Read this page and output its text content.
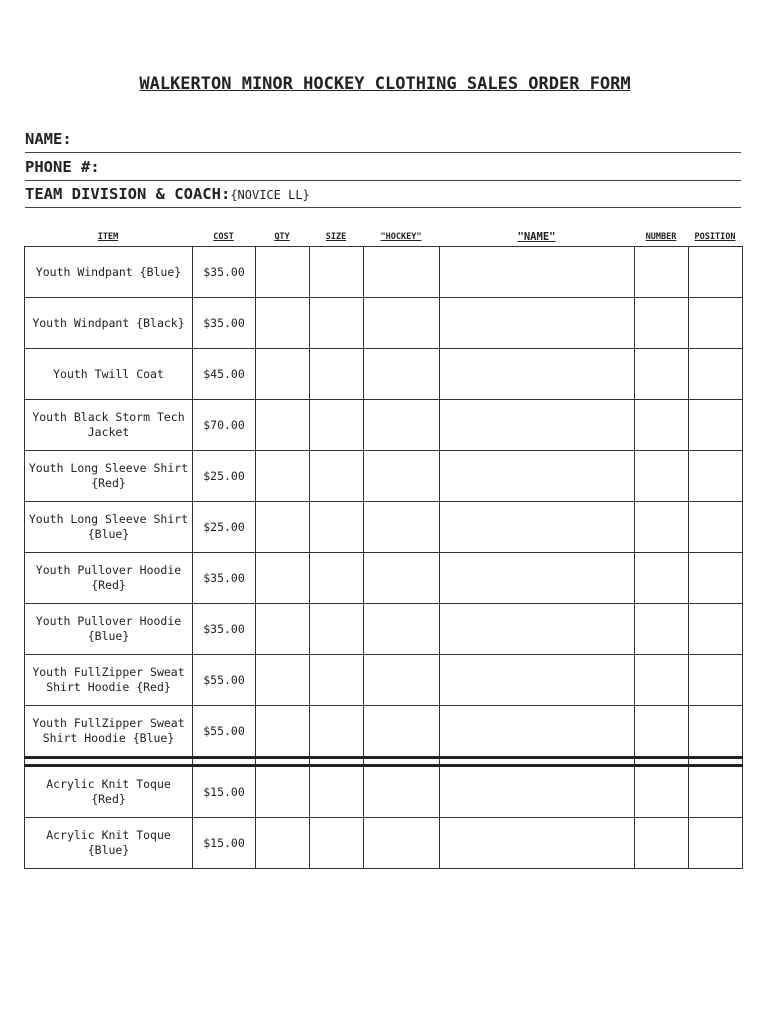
WALKERTON MINOR HOCKEY CLOTHING SALES ORDER FORM
NAME:
PHONE #:
TEAM DIVISION & COACH:{NOVICE LL}
ITEM	COST	QTY	SIZE	"HOCKEY"	"NAME"	NUMBER	POSITION
Youth Windpant {Blue}	$35.00						
Youth Windpant {Black}	$35.00						
Youth Twill Coat	$45.00						
Youth Black Storm Tech Jacket	$70.00						
Youth Long Sleeve Shirt {Red}	$25.00						
Youth Long Sleeve Shirt {Blue}	$25.00						
Youth Pullover Hoodie {Red}	$35.00						
Youth Pullover Hoodie {Blue}	$35.00						
Youth FullZipper Sweat Shirt Hoodie {Red}	$55.00						
Youth FullZipper Sweat Shirt Hoodie {Blue}	$55.00						

Acrylic Knit Toque {Red}	$15.00						
Acrylic Knit Toque {Blue}	$15.00						
